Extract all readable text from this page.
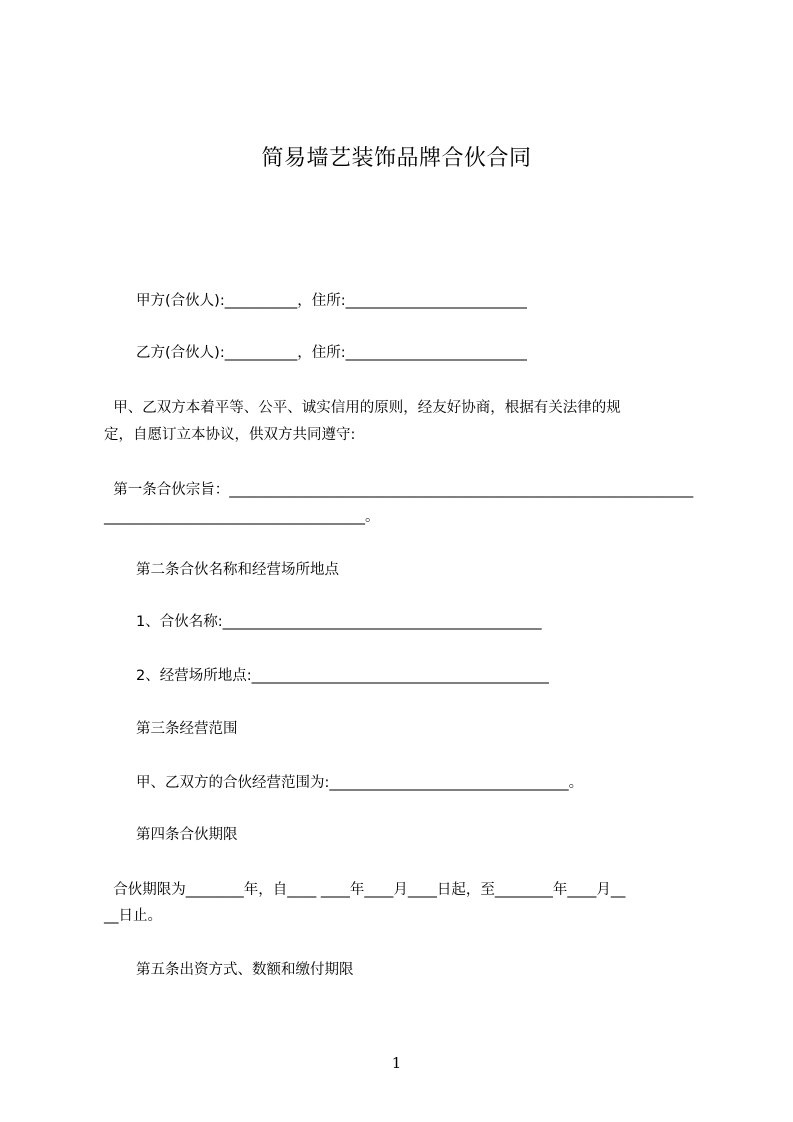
简易墙艺装饰品牌合伙合同
甲方(合伙人):__________，住所:_________________________
乙方(合伙人):__________，住所:_________________________
甲、乙双方本着平等、公平、诚实信用的原则，经友好协商，根据有关法律的规
定，自愿订立本协议，供双方共同遵守:
第一条合伙宗旨：________________________________________________________________
____________________________________。
第二条合伙名称和经营场所地点
1、合伙名称:____________________________________________
2、经营场所地点:_________________________________________
第三条经营范围
甲、乙双方的合伙经营范围为:_________________________________。
第四条合伙期限
合伙期限为________年，自____ ____年____月____日起，至________年____月__
__日止。
第五条出资方式、数额和缴付期限
1
